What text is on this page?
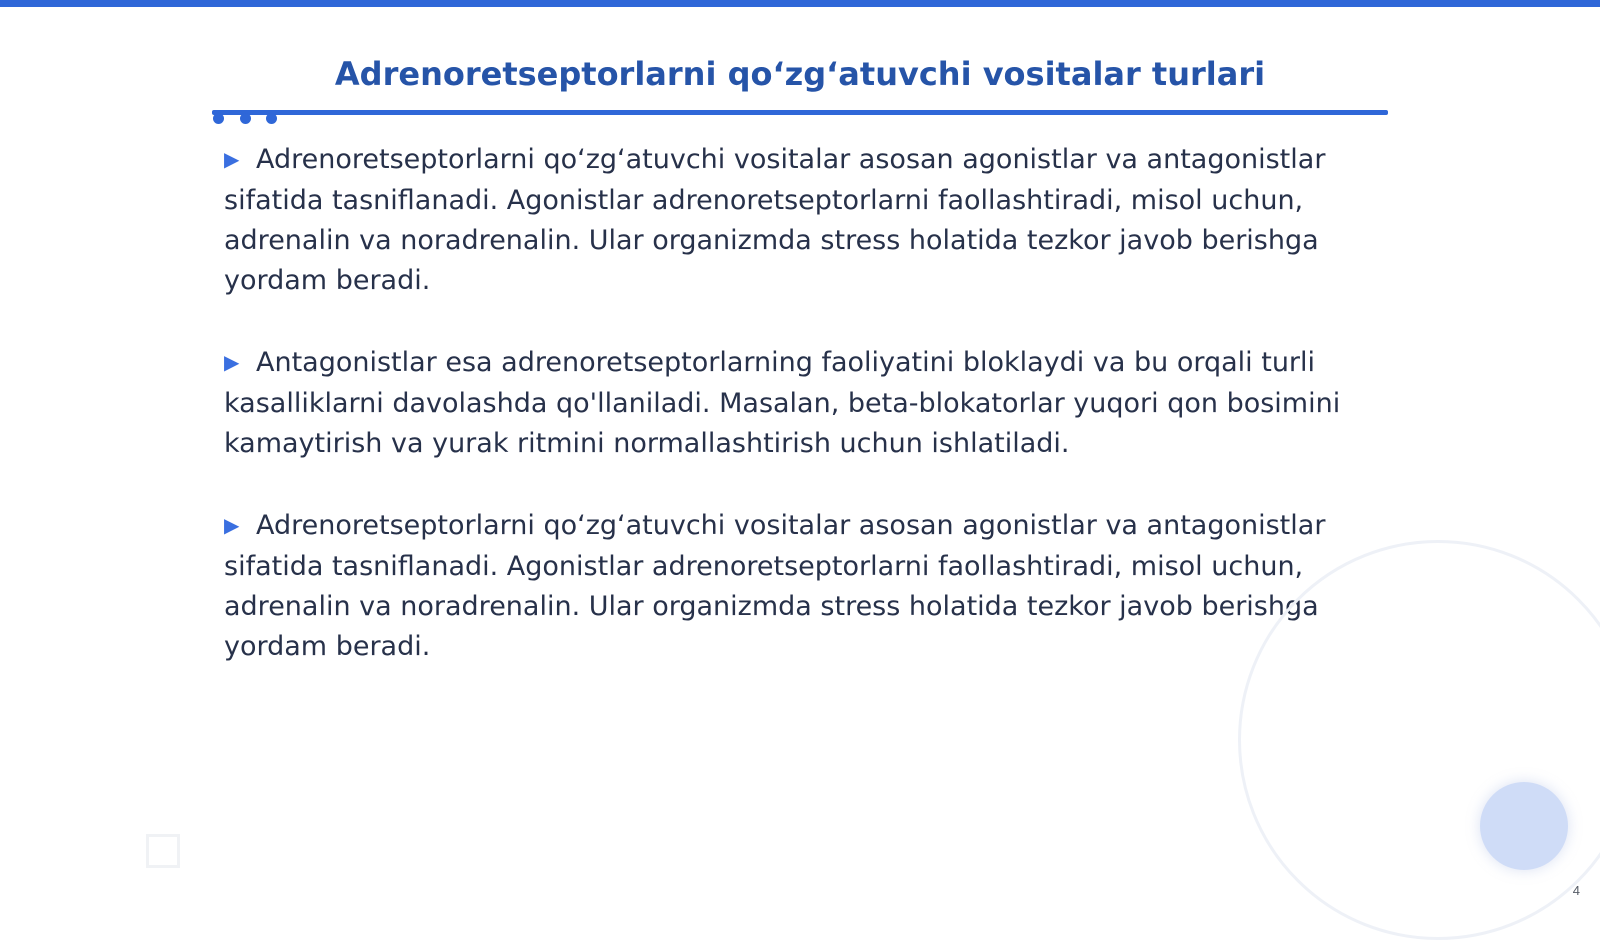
Adrenoretseptorlarni qo‘zg‘atuvchi vositalar turlari

▶ Adrenoretseptorlarni qo‘zg‘atuvchi vositalar asosan agonistlar va antagonistlar sifatida tasniflanadi. Agonistlar adrenoretseptorlarni faollashtiradi, misol uchun, adrenalin va noradrenalin. Ular organizmda stress holatida tezkor javob berishga yordam beradi.

▶ Antagonistlar esa adrenoretseptorlarning faoliyatini bloklaydi va bu orqali turli kasalliklarni davolashda qo'llaniladi. Masalan, beta-blokatorlar yuqori qon bosimini kamaytirish va yurak ritmini normallashtirish uchun ishlatiladi.

▶ Adrenoretseptorlarni qo‘zg‘atuvchi vositalar asosan agonistlar va antagonistlar sifatida tasniflanadi. Agonistlar adrenoretseptorlarni faollashtiradi, misol uchun, adrenalin va noradrenalin. Ular organizmda stress holatida tezkor javob berishga yordam beradi.

4
